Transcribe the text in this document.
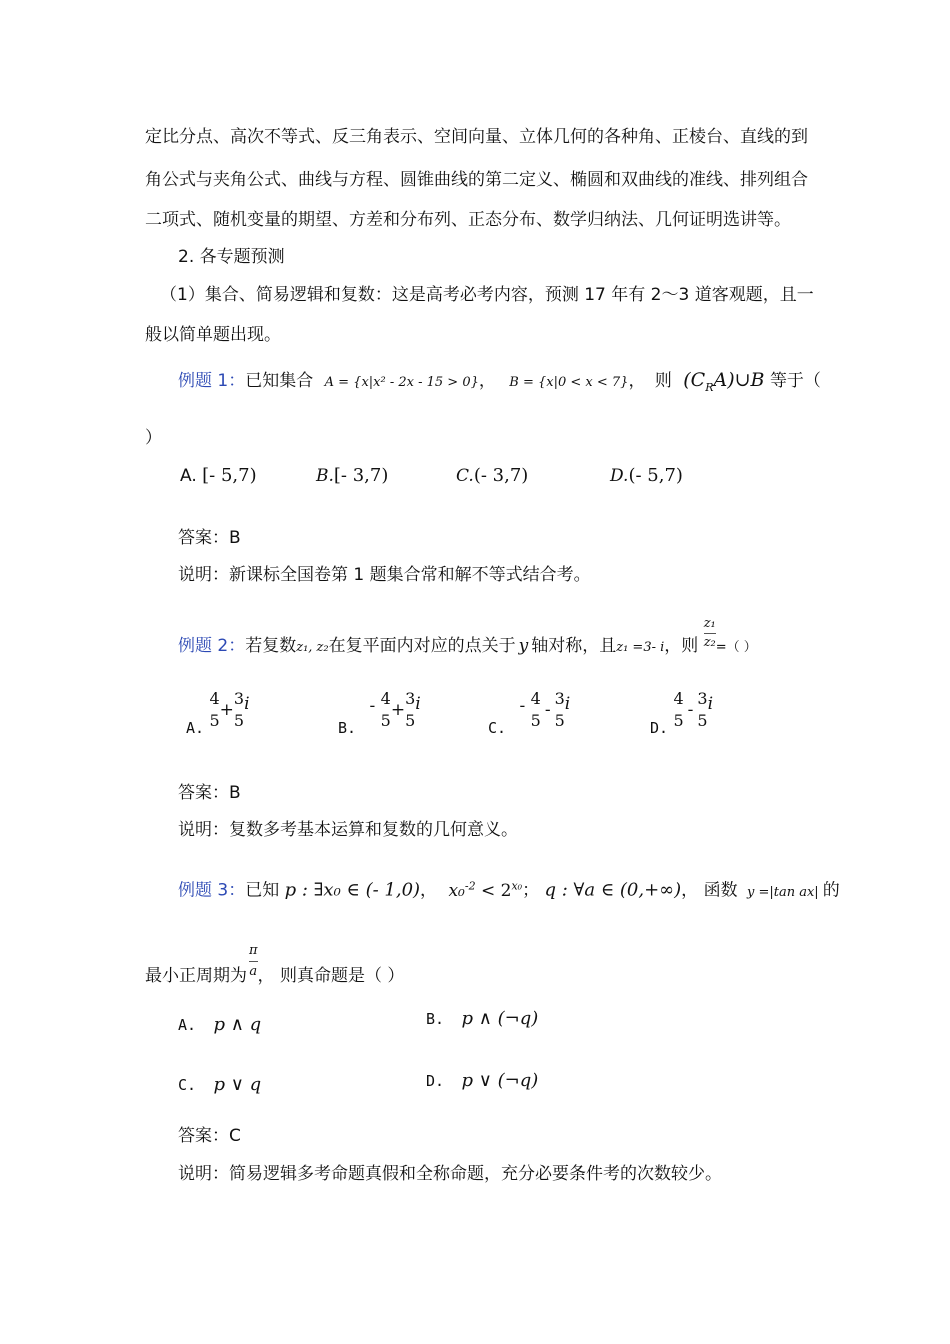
定比分点、高次不等式、反三角表示、空间向量、立体几何的各种角、正棱台、直线的到
角公式与夹角公式、曲线与方程、圆锥曲线的第二定义、椭圆和双曲线的准线、排列组合
二项式、随机变量的期望、方差和分布列、正态分布、数学归纳法、几何证明选讲等。
2. 各专题预测
（1）集合、简易逻辑和复数：这是高考必考内容，预测 17 年有 2～3 道客观题，且一
般以简单题出现。
例题 1：已知集合 A = {x|x² - 2x - 15 > 0}， B = {x|0 < x < 7}， 则 $(C_RA)\cup B$ 等于（
）
A. [- 5,7)	B.[- 3,7)	C.(- 3,7)	D.(- 5,7)
答案：B
说明：新课标全国卷第 1 题集合常和解不等式结合考。
例题 2：若复数z₁, z₂在复平面内对应的点关于 y 轴对称，且z₁ =3- i，则 $\frac{\text{z₁}}{\text{z₂}}$ =（ ）
A.
4
5
+
3
5
i
B. - 4
5
+
3
5
i
C. - 4
5
-
3
5
i
D.
4
5
-
3
5
i
答案：B
说明：复数多考基本运算和复数的几何意义。
例题 3：已知 p : ∃x₀ ∈ (- 1,0)， $x_0^{-2} < 2^{x_0}$； q : ∀a ∈ (0,+∞)， 函数 y =|tan ax| 的
最小正周期为 $\frac{\pi}{a}$ ， 则真命题是（ ）
A. p ∧ q	B. p ∧ (¬q)
C. p ∨ q	D. p ∨ (¬q)
答案：C
说明：简易逻辑多考命题真假和全称命题，充分必要条件考的次数较少。
